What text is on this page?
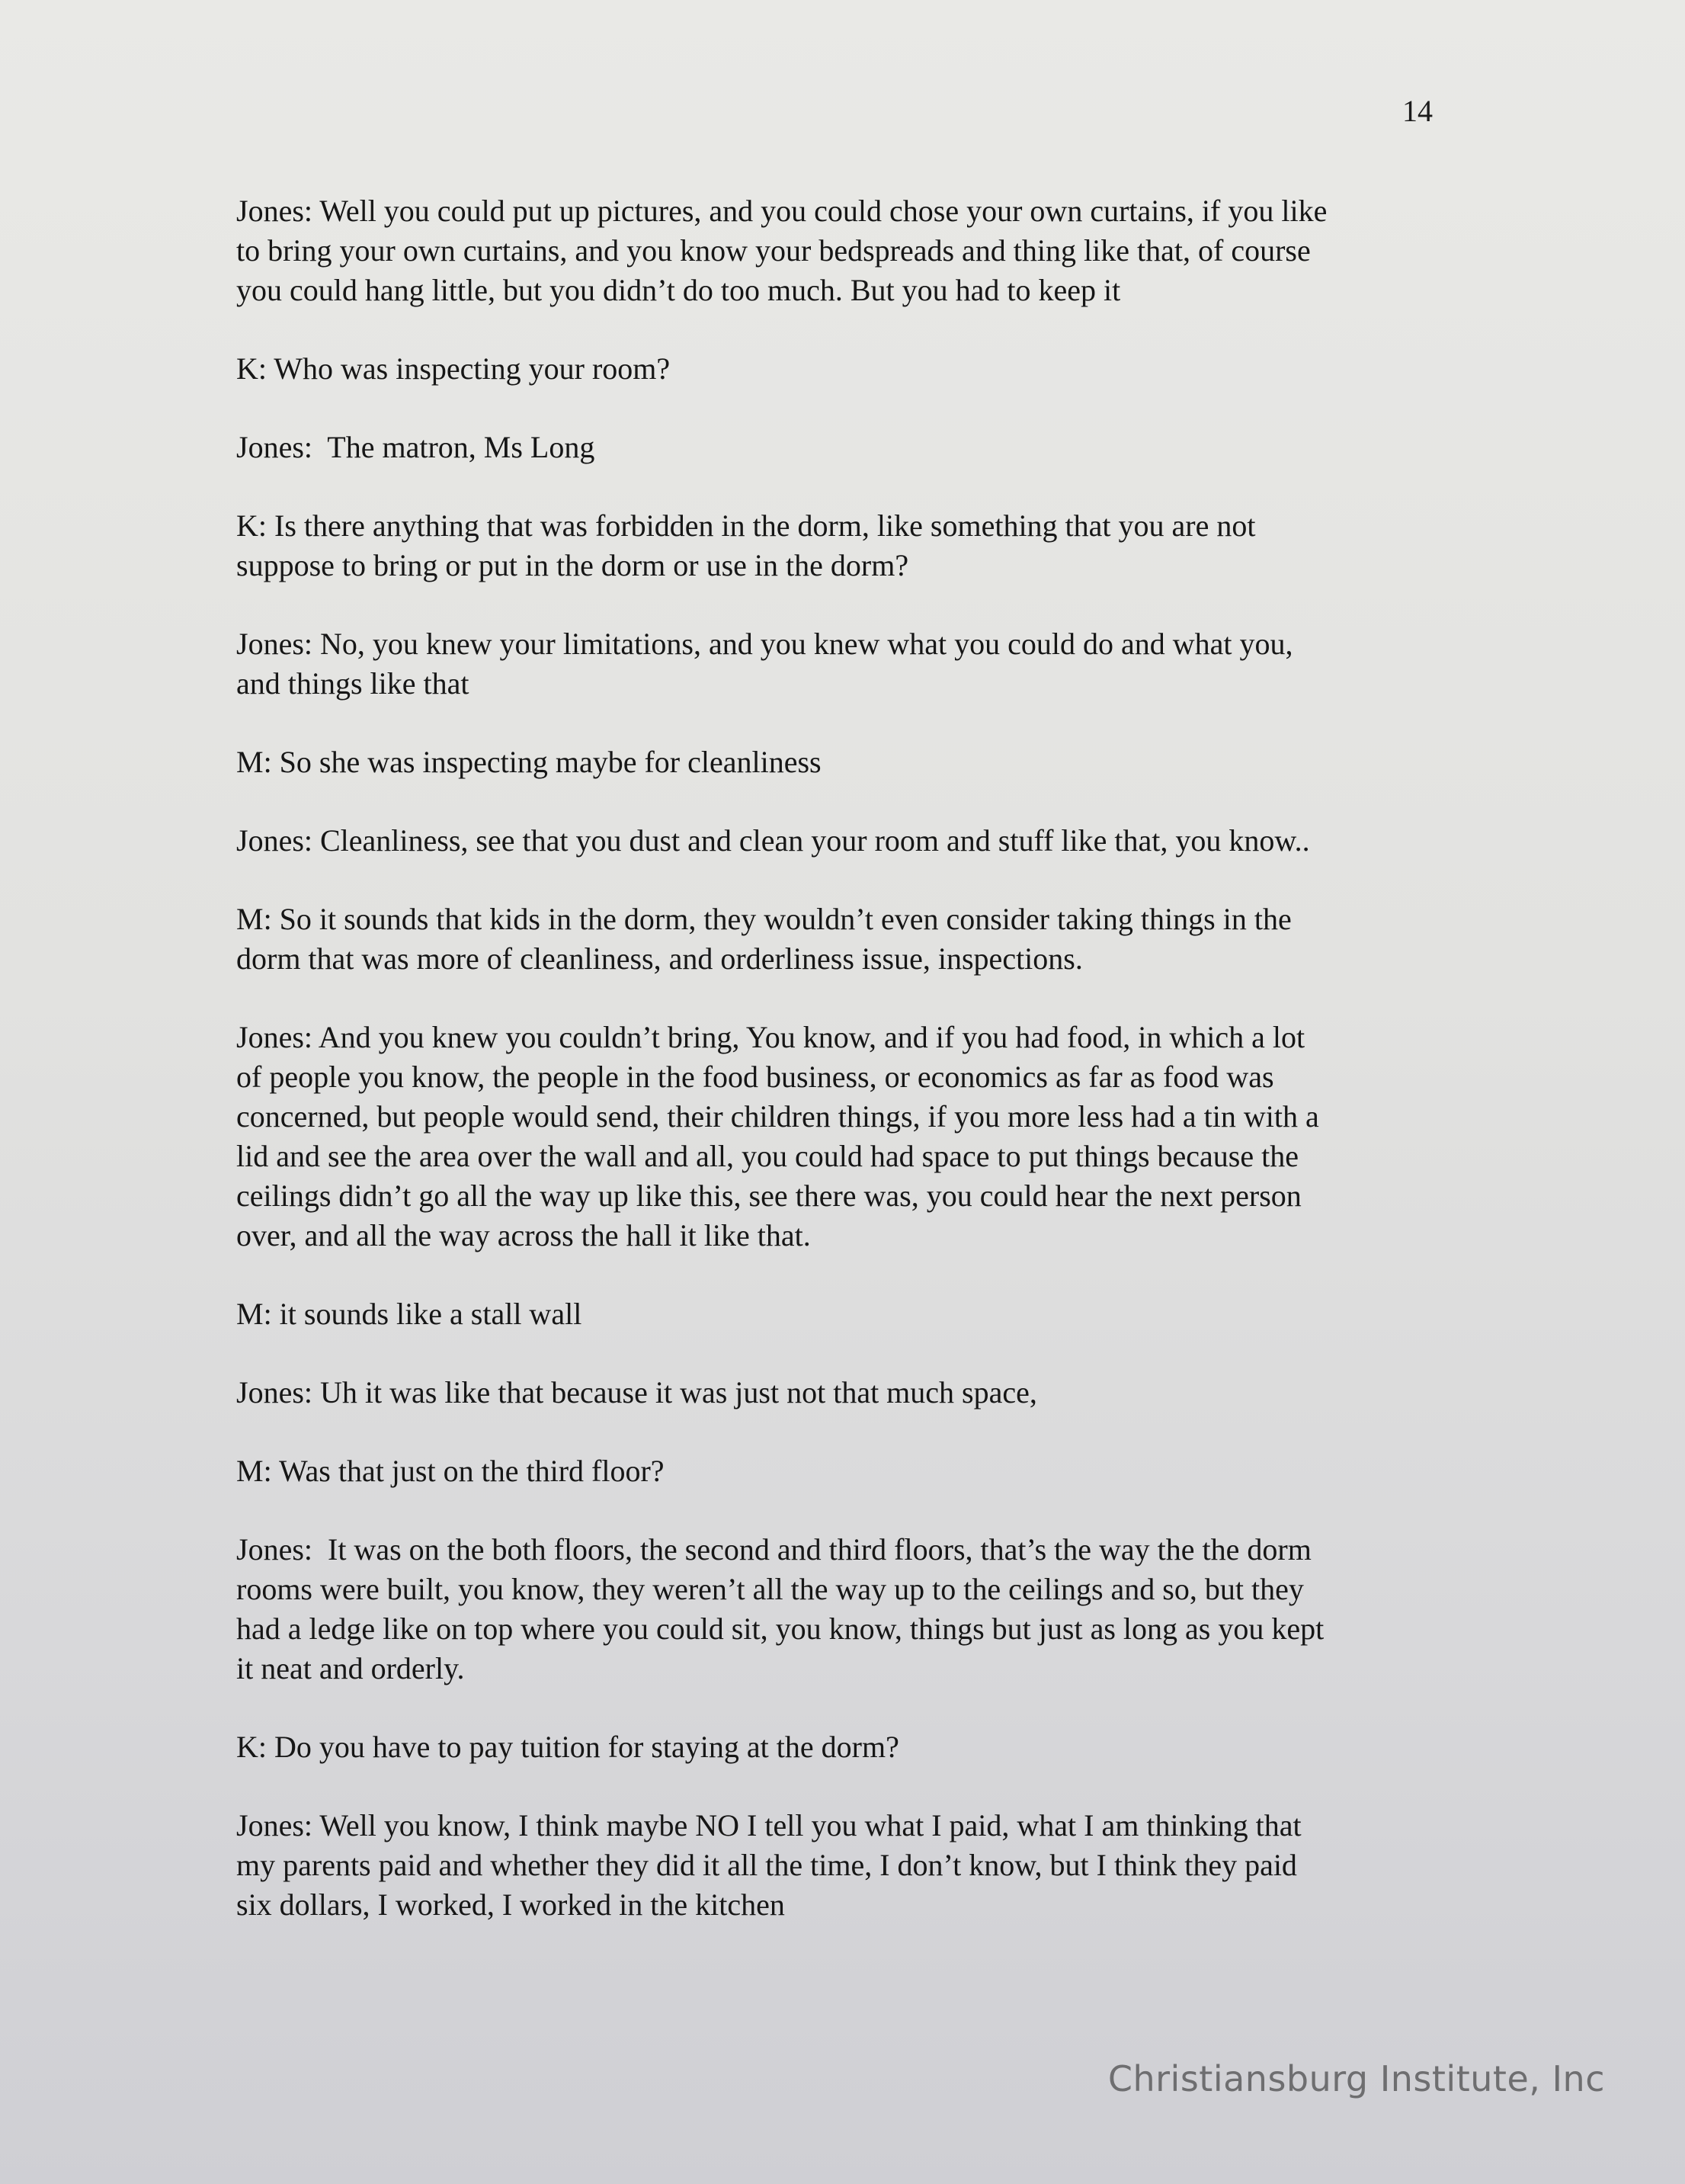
14

Jones: Well you could put up pictures, and you could chose your own curtains, if you like
to bring your own curtains, and you know your bedspreads and thing like that, of course
you could hang little, but you didn’t do too much. But you had to keep it

K: Who was inspecting your room?

Jones:  The matron, Ms Long

K: Is there anything that was forbidden in the dorm, like something that you are not
suppose to bring or put in the dorm or use in the dorm?

Jones: No, you knew your limitations, and you knew what you could do and what you,
and things like that

M: So she was inspecting maybe for cleanliness

Jones: Cleanliness, see that you dust and clean your room and stuff like that, you know..

M: So it sounds that kids in the dorm, they wouldn’t even consider taking things in the
dorm that was more of cleanliness, and orderliness issue, inspections.

Jones: And you knew you couldn’t bring, You know, and if you had food, in which a lot
of people you know, the people in the food business, or economics as far as food was
concerned, but people would send, their children things, if you more less had a tin with a
lid and see the area over the wall and all, you could had space to put things because the
ceilings didn’t go all the way up like this, see there was, you could hear the next person
over, and all the way across the hall it like that.

M: it sounds like a stall wall

Jones: Uh it was like that because it was just not that much space,

M: Was that just on the third floor?

Jones:  It was on the both floors, the second and third floors, that’s the way the the dorm
rooms were built, you know, they weren’t all the way up to the ceilings and so, but they
had a ledge like on top where you could sit, you know, things but just as long as you kept
it neat and orderly.

K: Do you have to pay tuition for staying at the dorm?

Jones: Well you know, I think maybe NO I tell you what I paid, what I am thinking that
my parents paid and whether they did it all the time, I don’t know, but I think they paid
six dollars, I worked, I worked in the kitchen

Christiansburg Institute, Inc
